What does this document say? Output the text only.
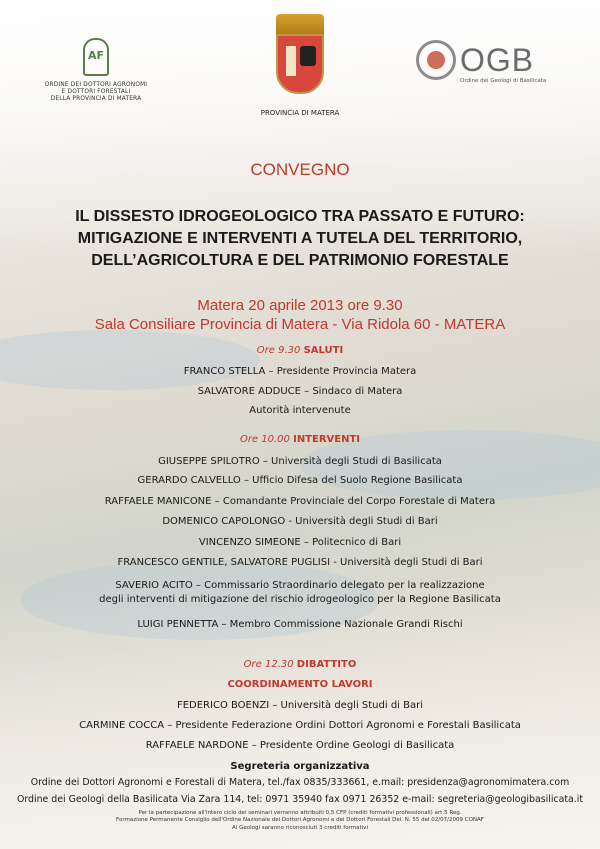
AF
ORDINE DEI DOTTORI AGRONOMI
E DOTTORI FORESTALI
DELLA PROVINCIA DI MATERA
PROVINCIA DI MATERA
OGB
Ordine dei Geologi di Basilicata
CONVEGNO
IL DISSESTO IDROGEOLOGICO TRA PASSATO E FUTURO:
MITIGAZIONE E INTERVENTI A TUTELA DEL TERRITORIO,
DELL’AGRICOLTURA E DEL PATRIMONIO FORESTALE
Matera 20 aprile 2013 ore 9.30
Sala Consiliare Provincia di Matera - Via Ridola 60 - MATERA
Ore 9.30 SALUTI
FRANCO STELLA – Presidente Provincia Matera
SALVATORE ADDUCE – Sindaco di Matera
Autorità intervenute
Ore 10.00 INTERVENTI
GIUSEPPE SPILOTRO – Università degli Studi di Basilicata
GERARDO CALVELLO – Ufficio Difesa del Suolo Regione Basilicata
RAFFAELE MANICONE – Comandante Provinciale del Corpo Forestale di Matera
DOMENICO CAPOLONGO - Università degli Studi di Bari
VINCENZO SIMEONE – Politecnico di Bari
FRANCESCO GENTILE, SALVATORE PUGLISI - Università degli Studi di Bari
SAVERIO ACITO – Commissario Straordinario delegato per la realizzazione
degli interventi di mitigazione del rischio idrogeologico per la Regione Basilicata
LUIGI PENNETTA – Membro Commissione Nazionale Grandi Rischi
Ore 12.30 DIBATTITO
COORDINAMENTO LAVORI
FEDERICO BOENZI – Università degli Studi di Bari
CARMINE COCCA – Presidente Federazione Ordini Dottori Agronomi e Forestali Basilicata
RAFFAELE NARDONE – Presidente Ordine Geologi di Basilicata
Segreteria organizzativa
Ordine dei Dottori Agronomi e Forestali di Matera, tel./fax 0835/333661, e.mail: presidenza@agronomimatera.com
Ordine dei Geologi della Basilicata Via Zara 114, tel: 0971 35940 fax 0971 26352 e-mail: segreteria@geologibasilicata.it
Per la partecipazione all'intero ciclo dei seminari verranno attribuiti 0,5 CFP (crediti formativi professionali) art.5 Reg.
Formazione Permanente Consiglio dell'Ordine Nazionale dei Dottori Agronomi e dei Dottori Forestali Del. N. 55 del 02/07/2009 CONAF
Ai Geologi saranno riconosciuti 3 crediti formativi
